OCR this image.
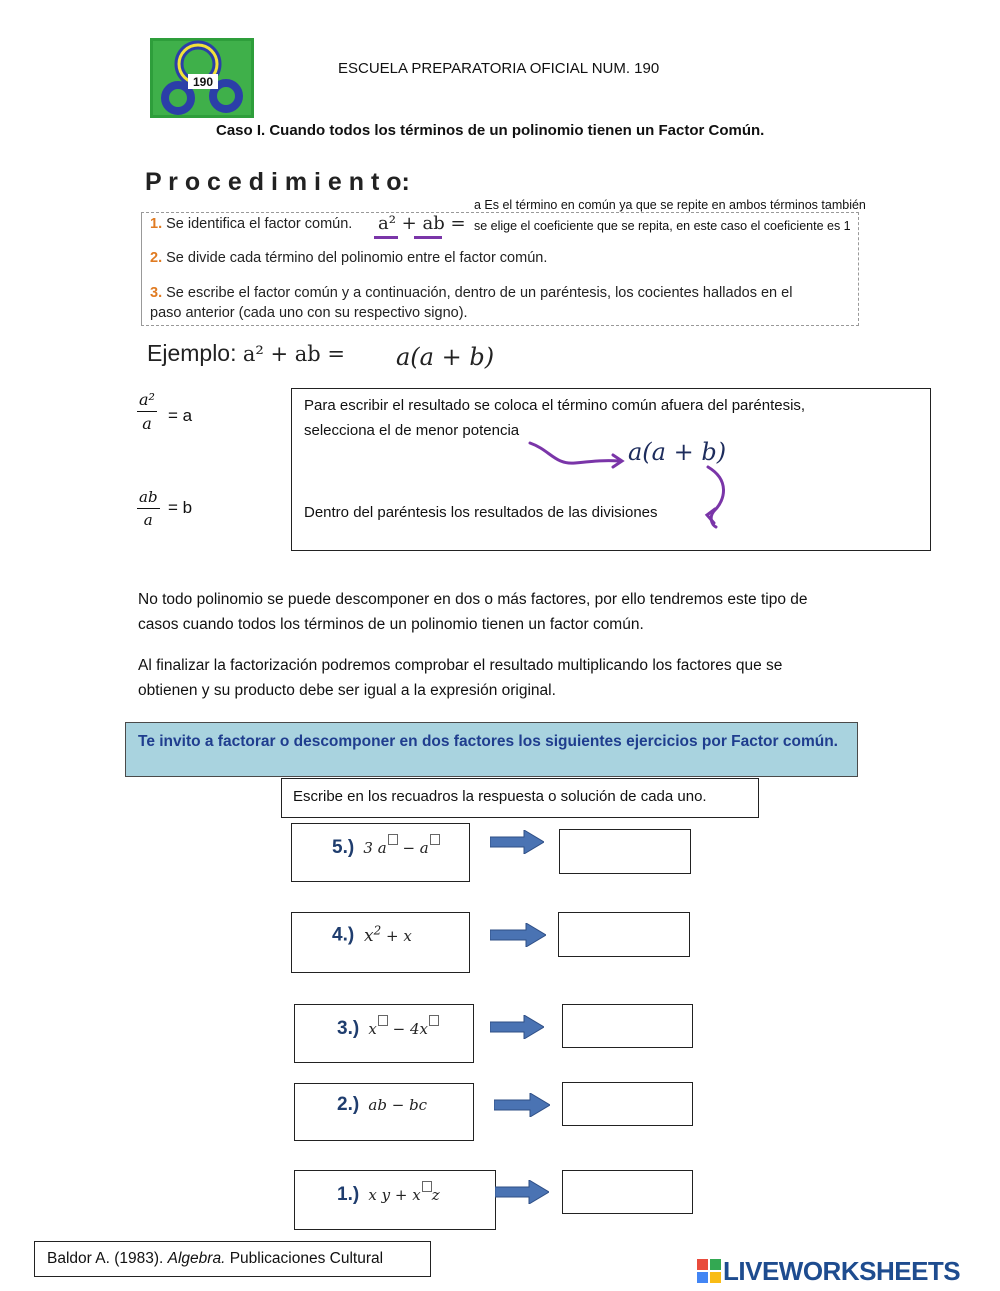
190
ESCUELA PREPARATORIA OFICIAL NUM. 190
Caso I. Cuando todos los términos de un polinomio tienen un Factor Común.
P r o c e d i m i e n t o:
1. Se identifica el factor común. a² + ab =
a Es el término en común ya que se repite en ambos términos también
se elige el coeficiente que se repita, en este caso el coeficiente es 1
2. Se divide cada término del polinomio entre el factor común.
3. Se escribe el factor común y a continuación, dentro de un paréntesis, los cocientes hallados en el
paso anterior (cada uno con su respectivo signo).
Ejemplo: a² + ab = a(a + b)
$\frac{\text{a²}}{a} = a$
$\frac{ab}{a} = b$
Para escribir el resultado se coloca el término común afuera del paréntesis,
selecciona el de menor potencia
a(a + b)
Dentro del paréntesis los resultados de las divisiones
No todo polinomio se puede descomponer en dos o más factores, por ello tendremos este tipo de
casos cuando todos los términos de un polinomio tienen un factor común.
Al finalizar la factorización podremos comprobar el resultado multiplicando los factores que se
obtienen y su producto debe ser igual a la expresión original.
Te invito a factorar o descomponer en dos factores los siguientes ejercicios por Factor común.
Escribe en los recuadros la respuesta o solución de cada uno.
5.) 3 a − a
4.) $x^2 + x$
3.) x − 4x
2.) ab − bc
1.) x y + x z
Baldor A. (1983). Algebra. Publicaciones Cultural	LIVEWORKSHEETS
